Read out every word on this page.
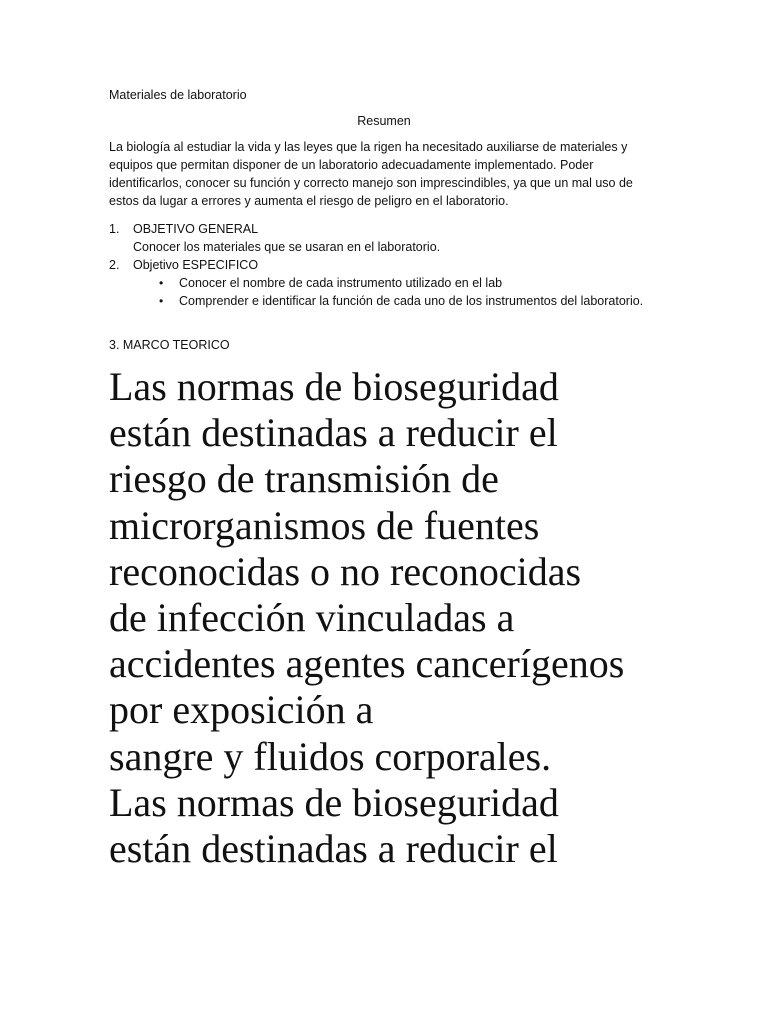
Materiales de laboratorio

Resumen

La biología al estudiar la vida y las leyes que la rigen ha necesitado auxiliarse de materiales y equipos que permitan disponer de un laboratorio adecuadamente implementado. Poder identificarlos, conocer su función y correcto manejo son imprescindibles, ya que un mal uso de estos da lugar a errores y aumenta el riesgo de peligro en el laboratorio.

1. OBJETIVO GENERAL
Conocer los materiales que se usaran en el laboratorio.
2. Objetivo ESPECIFICO
• Conocer el nombre de cada instrumento utilizado en el lab
• Comprender e identificar la función de cada uno de los instrumentos del laboratorio.

3. MARCO TEORICO

Las normas de bioseguridad
están destinadas a reducir el
riesgo de transmisión de
microrganismos de fuentes
reconocidas o no reconocidas
de infección vinculadas a
accidentes agentes cancerígenos
por exposición a
sangre y fluidos corporales.
Las normas de bioseguridad
están destinadas a reducir el
